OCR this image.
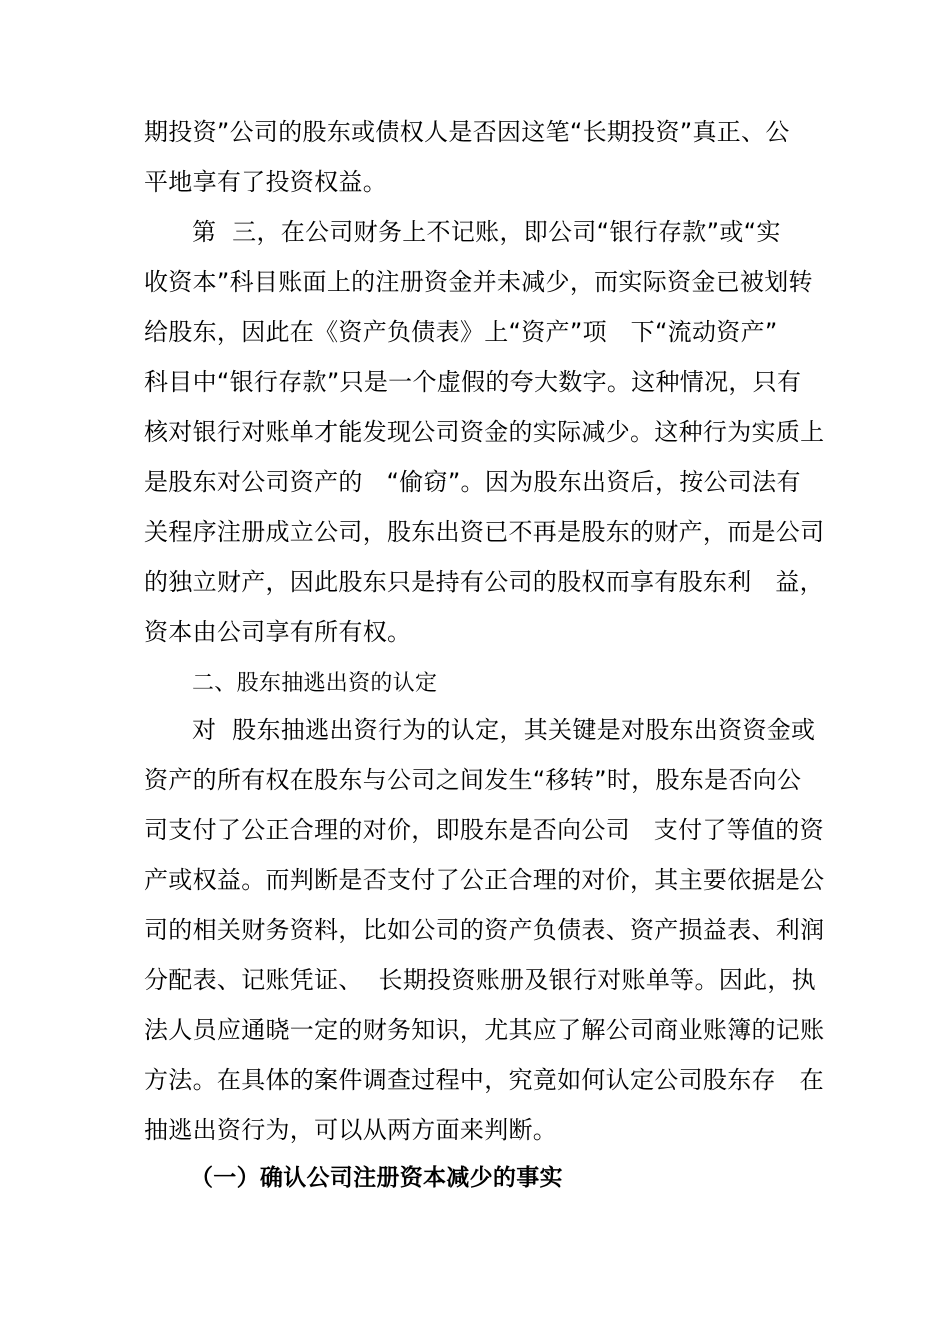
期投资”公司的股东或债权人是否因这笔“长期投资”真正、公
平地享有了投资权益。
第  三，在公司财务上不记账，即公司“银行存款”或“实
收资本”科目账面上的注册资金并未减少，而实际资金已被划转
给股东，因此在《资产负债表》上“资产”项   下“流动资产”
科目中“银行存款”只是一个虚假的夸大数字。这种情况，只有
核对银行对账单才能发现公司资金的实际减少。这种行为实质上
是股东对公司资产的   “偷窃”。因为股东出资后，按公司法有
关程序注册成立公司，股东出资已不再是股东的财产，而是公司
的独立财产，因此股东只是持有公司的股权而享有股东利   益，
资本由公司享有所有权。
二、股东抽逃出资的认定
对  股东抽逃出资行为的认定，其关键是对股东出资资金或
资产的所有权在股东与公司之间发生“移转”时，股东是否向公
司支付了公正合理的对价，即股东是否向公司   支付了等值的资
产或权益。而判断是否支付了公正合理的对价，其主要依据是公
司的相关财务资料，比如公司的资产负债表、资产损益表、利润
分配表、记账凭证、  长期投资账册及银行对账单等。因此，执
法人员应通晓一定的财务知识，尤其应了解公司商业账簿的记账
方法。在具体的案件调查过程中，究竟如何认定公司股东存   在
抽逃出资行为，可以从两方面来判断。
（一）确认公司注册资本减少的事实
